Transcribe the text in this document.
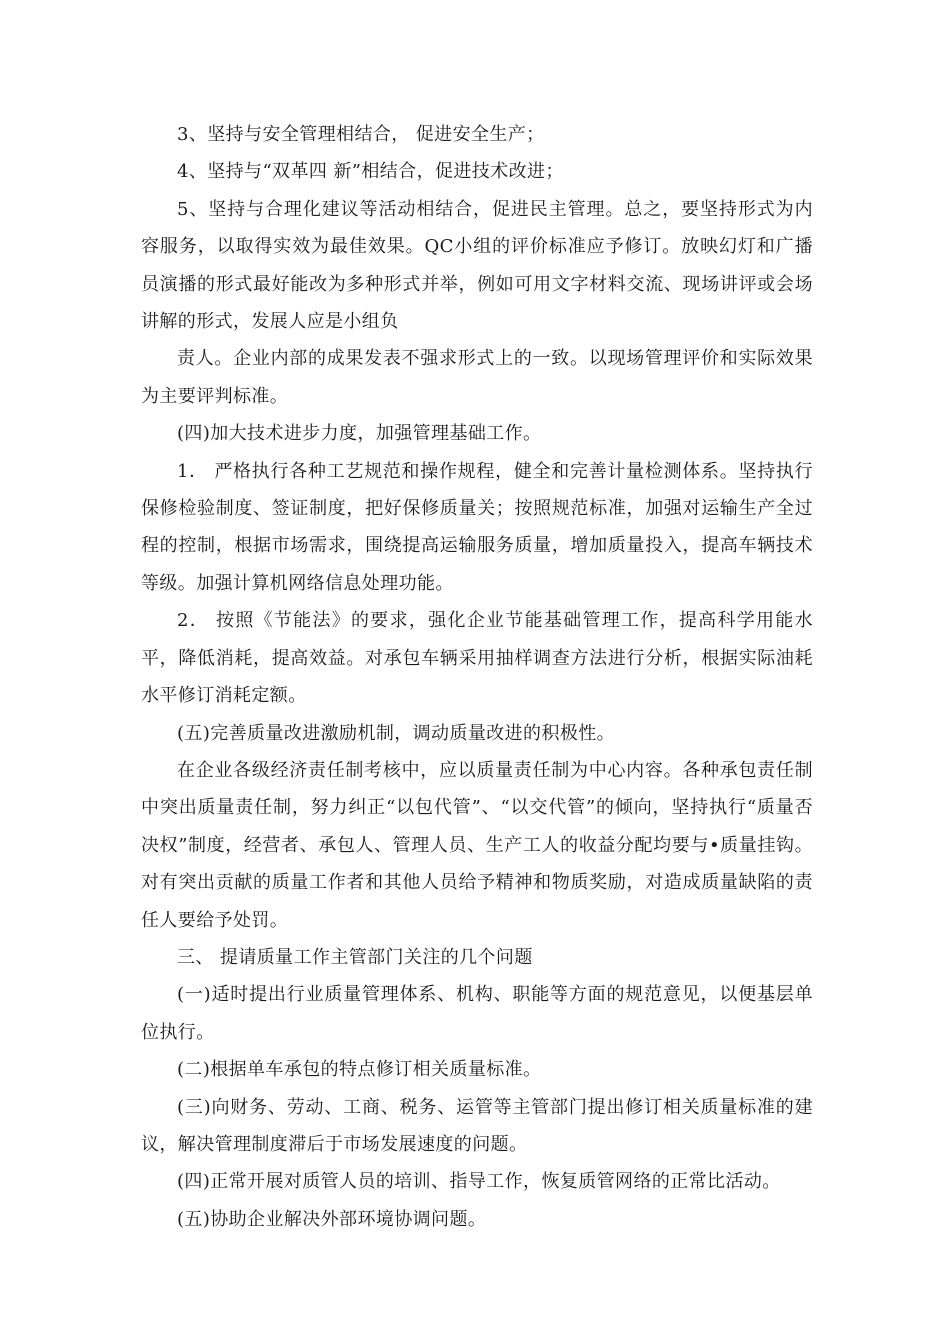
3、坚持与安全管理相结合， 促进安全生产；

4、坚持与“双革四 新”相结合，促进技术改进；

5、坚持与合理化建议等活动相结合，促进民主管理。总之，要坚持形式为内容服务，以取得实效为最佳效果。QC小组的评价标准应予修订。放映幻灯和广播员演播的形式最好能改为多种形式并举，例如可用文字材料交流、现场讲评或会场讲解的形式，发展人应是小组负

责人。企业内部的成果发表不强求形式上的一致。以现场管理评价和实际效果为主要评判标准。

(四)加大技术进步力度，加强管理基础工作。

1． 严格执行各种工艺规范和操作规程，健全和完善计量检测体系。坚持执行保修检验制度、签证制度，把好保修质量关；按照规范标准，加强对运输生产全过程的控制，根据市场需求，围绕提高运输服务质量，增加质量投入，提高车辆技术等级。加强计算机网络信息处理功能。

2． 按照《节能法》的要求，强化企业节能基础管理工作，提高科学用能水平，降低消耗，提高效益。对承包车辆采用抽样调查方法进行分析，根据实际油耗水平修订消耗定额。

(五)完善质量改进激励机制，调动质量改进的积极性。

在企业各级经济责任制考核中，应以质量责任制为中心内容。各种承包责任制中突出质量责任制，努力纠正“以包代管”、“以交代管”的倾向，坚持执行“质量否决权”制度，经营者、承包人、管理人员、生产工人的收益分配均要与•质量挂钩。对有突出贡献的质量工作者和其他人员给予精神和物质奖励，对造成质量缺陷的责任人要给予处罚。

三、 提请质量工作主管部门关注的几个问题

(一)适时提出行业质量管理体系、机构、职能等方面的规范意见，以便基层单位执行。

(二)根据单车承包的特点修订相关质量标准。

(三)向财务、劳动、工商、税务、运管等主管部门提出修订相关质量标准的建议，解决管理制度滞后于市场发展速度的问题。

(四)正常开展对质管人员的培训、指导工作，恢复质管网络的正常比活动。

(五)协助企业解决外部环境协调问题。
